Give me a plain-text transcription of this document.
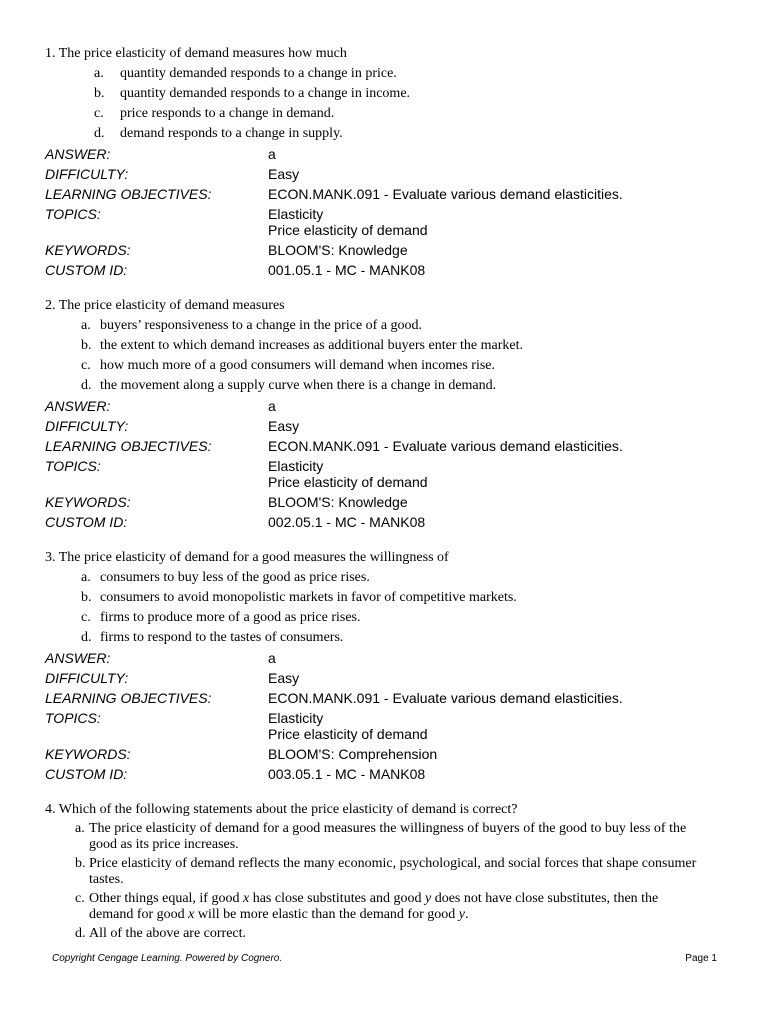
1. The price elasticity of demand measures how much
a. quantity demanded responds to a change in price.
b. quantity demanded responds to a change in income.
c. price responds to a change in demand.
d. demand responds to a change in supply.
ANSWER:	a
DIFFICULTY:	Easy
LEARNING OBJECTIVES:	ECON.MANK.091 - Evaluate various demand elasticities.
TOPICS:	Elasticity
Price elasticity of demand
KEYWORDS:	BLOOM'S: Knowledge
CUSTOM ID:	001.05.1 - MC - MANK08
2. The price elasticity of demand measures
a. buyers’ responsiveness to a change in the price of a good.
b. the extent to which demand increases as additional buyers enter the market.
c. how much more of a good consumers will demand when incomes rise.
d. the movement along a supply curve when there is a change in demand.
ANSWER:	a
DIFFICULTY:	Easy
LEARNING OBJECTIVES:	ECON.MANK.091 - Evaluate various demand elasticities.
TOPICS:	Elasticity
Price elasticity of demand
KEYWORDS:	BLOOM'S: Knowledge
CUSTOM ID:	002.05.1 - MC - MANK08
3. The price elasticity of demand for a good measures the willingness of
a. consumers to buy less of the good as price rises.
b. consumers to avoid monopolistic markets in favor of competitive markets.
c. firms to produce more of a good as price rises.
d. firms to respond to the tastes of consumers.
ANSWER:	a
DIFFICULTY:	Easy
LEARNING OBJECTIVES:	ECON.MANK.091 - Evaluate various demand elasticities.
TOPICS:	Elasticity
Price elasticity of demand
KEYWORDS:	BLOOM'S: Comprehension
CUSTOM ID:	003.05.1 - MC - MANK08
4. Which of the following statements about the price elasticity of demand is correct?
a. The price elasticity of demand for a good measures the willingness of buyers of the good to buy less of the
good as its price increases.
b. Price elasticity of demand reflects the many economic, psychological, and social forces that shape consumer
tastes.
c. Other things equal, if good x has close substitutes and good y does not have close substitutes, then the
demand for good x will be more elastic than the demand for good y.
d. All of the above are correct.
Copyright Cengage Learning. Powered by Cognero.	Page 1
